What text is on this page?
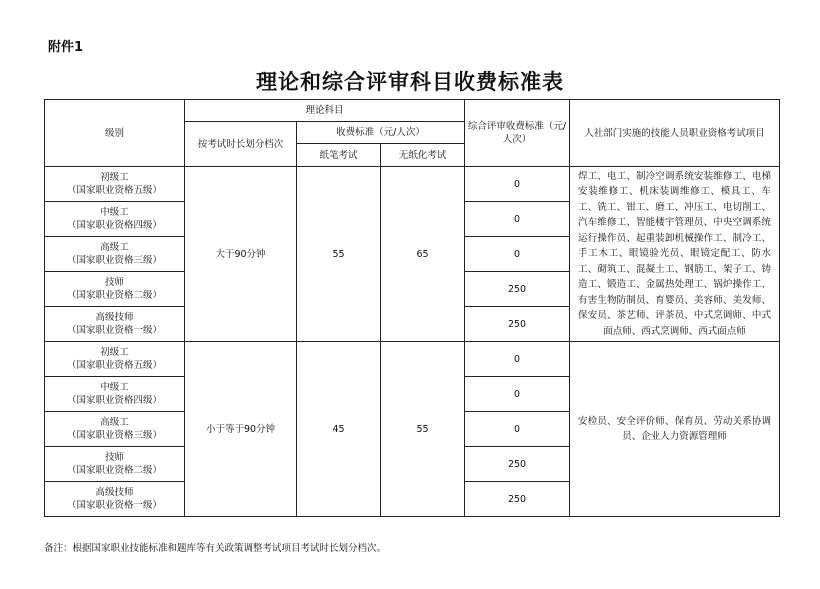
附件1
理论和综合评审科目收费标准表
级别	理论科目			综合评审收费标准（元/人次）	人社部门实施的技能人员职业资格考试项目
	按考试时长划分档次	收费标准（元/人次）			
		纸笔考试	无纸化考试		
初级工
（国家职业资格五级）	大于90分钟	55	65	0	焊工、电工、制冷空调系统安装维修工、电梯安装维修工、机床装调维修工、模具工、车工、铣工、钳工、磨工、冲压工、电切削工、汽车维修工、智能楼宇管理员、中央空调系统运行操作员、起重装卸机械操作工、制冷工、手工木工、眼镜验光员、眼镜定配工、防水工、砌筑工、混凝土工、钢筋工、架子工、铸造工、锻造工、金属热处理工、锅炉操作工、有害生物防制员、育婴员、美容师、美发师、保安员、茶艺师、评茶员、中式烹调师、中式面点师、西式烹调师、西式面点师
中级工
（国家职业资格四级）				0	
高级工
（国家职业资格三级）				0	
技师
（国家职业资格二级）				250	
高级技师
（国家职业资格一级）				250	
初级工
（国家职业资格五级）	小于等于90分钟	45	55	0	安检员、安全评价师、保育员、劳动关系协调员、企业人力资源管理师
中级工
（国家职业资格四级）				0	
高级工
（国家职业资格三级）				0	
技师
（国家职业资格二级）				250	
高级技师
（国家职业资格一级）				250	
备注：根据国家职业技能标准和题库等有关政策调整考试项目考试时长划分档次。
